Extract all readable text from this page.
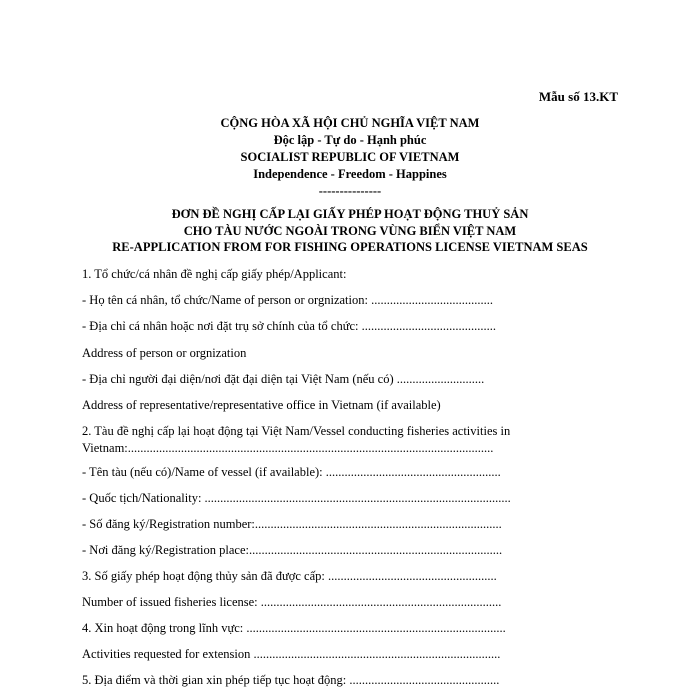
Mẫu số 13.KT
CỘNG HÒA XÃ HỘI CHỦ NGHĨA VIỆT NAM
Độc lập - Tự do - Hạnh phúc
SOCIALIST REPUBLIC OF VIETNAM
Independence - Freedom - Happines
---------------
ĐƠN ĐỀ NGHỊ CẤP LẠI GIẤY PHÉP HOẠT ĐỘNG THUỶ SẢN
CHO TÀU NƯỚC NGOÀI TRONG VÙNG BIỂN VIỆT NAM
RE-APPLICATION FROM FOR FISHING OPERATIONS LICENSE VIETNAM SEAS
1. Tổ chức/cá nhân đề nghị cấp giấy phép/Applicant:
- Họ tên cá nhân, tổ chức/Name of person or orgnization: .......................................
- Địa chỉ cá nhân hoặc nơi đặt trụ sở chính của tổ chức: ...........................................
Address of person or orgnization
- Địa chỉ người đại diện/nơi đặt đại diện tại Việt Nam (nếu có) ............................
Address of representative/representative office in Vietnam (if available)
2. Tàu đề nghị cấp lại hoạt động tại Việt Nam/Vessel conducting fisheries activities in
Vietnam:.....................................................................................................................
- Tên tàu (nếu có)/Name of vessel (if available): ........................................................
- Quốc tịch/Nationality: ..................................................................................................
- Số đăng ký/Registration number:...............................................................................
- Nơi đăng ký/Registration place:.................................................................................
3. Số giấy phép hoạt động thủy sản đã được cấp: ......................................................
Number of issued fisheries license: .............................................................................
4. Xin hoạt động trong lĩnh vực: ...................................................................................
Activities requested for extension ...............................................................................
5. Địa điểm và thời gian xin phép tiếp tục hoạt động: ................................................
